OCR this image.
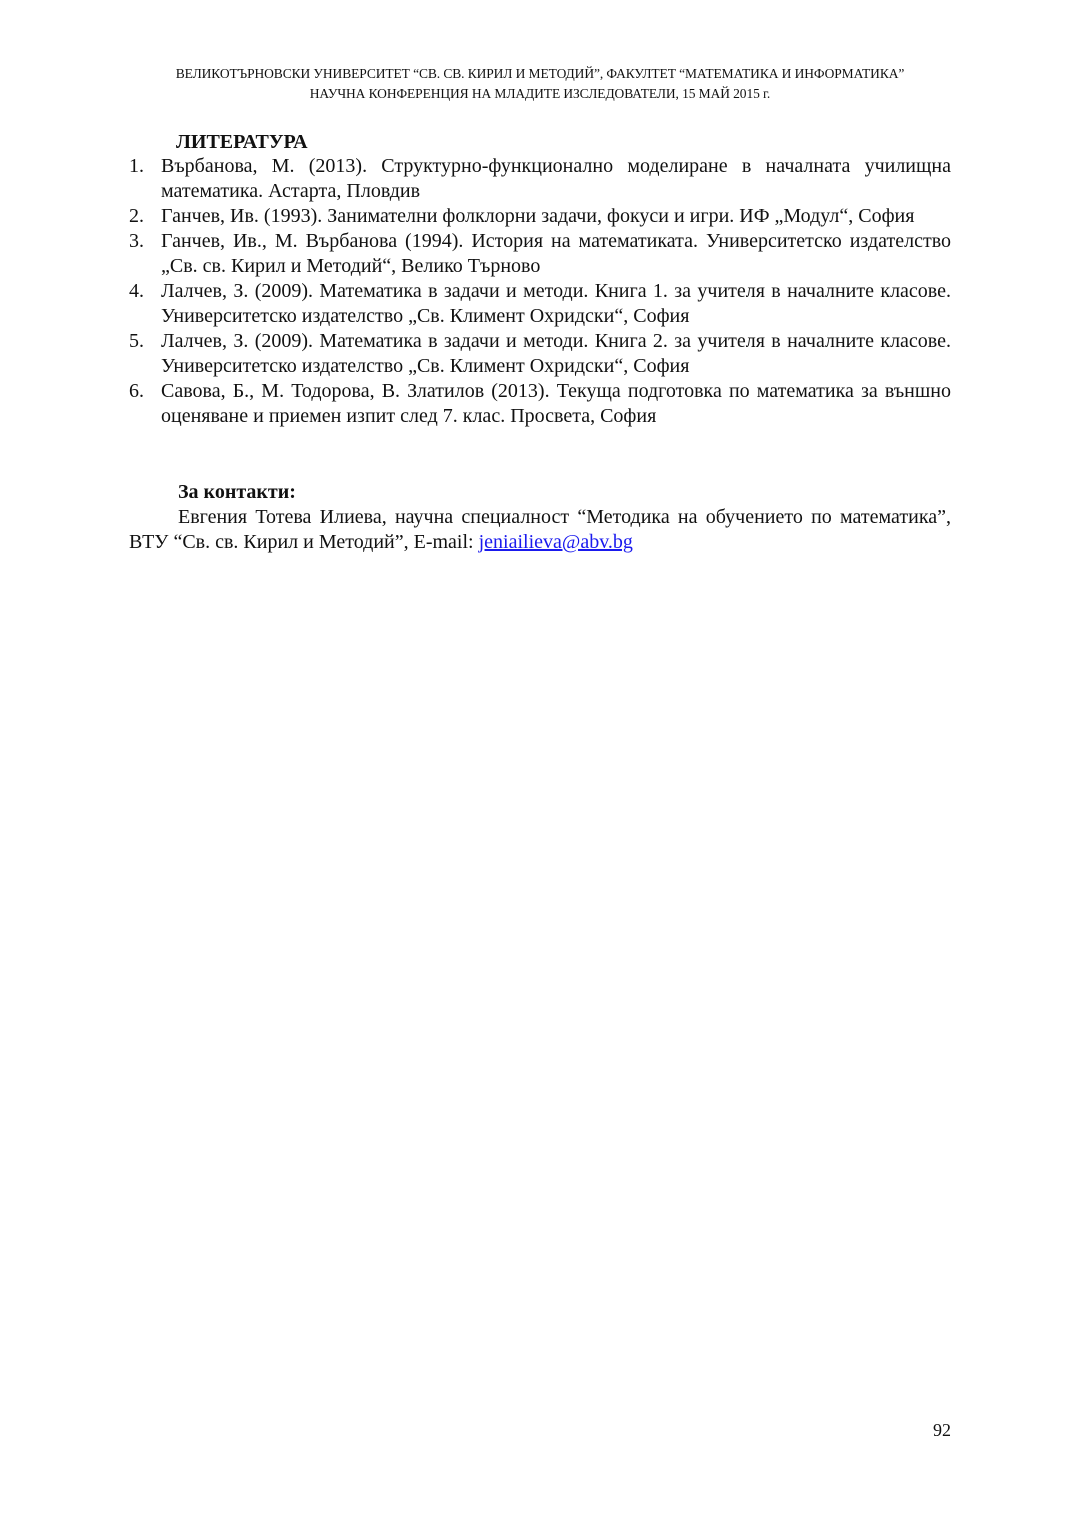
ВЕЛИКОТЪРНОВСКИ УНИВЕРСИТЕТ “СВ. СВ. КИРИЛ И МЕТОДИЙ”, ФАКУЛТЕТ “МАТЕМАТИКА И ИНФОРМАТИКА”
НАУЧНА КОНФЕРЕНЦИЯ НА МЛАДИТЕ ИЗСЛЕДОВАТЕЛИ, 15 МАЙ 2015 г.
ЛИТЕРАТУРА
1. Върбанова, М. (2013). Структурно-функционално моделиране в началната училищна математика. Астарта, Пловдив
2. Ганчев, Ив. (1993). Занимателни фолклорни задачи, фокуси и игри. ИФ „Модул“, София
3. Ганчев, Ив., М. Върбанова (1994). История на математиката. Университетско издателство „Св. св. Кирил и Методий“, Велико Търново
4. Лалчев, З. (2009). Математика в задачи и методи. Книга 1. за учителя в началните класове. Университетско издателство „Св. Климент Охридски“, София
5. Лалчев, З. (2009). Математика в задачи и методи. Книга 2. за учителя в началните класове. Университетско издателство „Св. Климент Охридски“, София
6. Савова, Б., М. Тодорова, В. Златилов (2013). Текуща подготовка по математика за външно оценяване и приемен изпит след 7. клас. Просвета, София
За контакти:
Евгения Тотева Илиева, научна специалност “Методика на обучението по математика”, ВТУ “Св. св. Кирил и Методий”, E-mail: jeniailieva@abv.bg
92
